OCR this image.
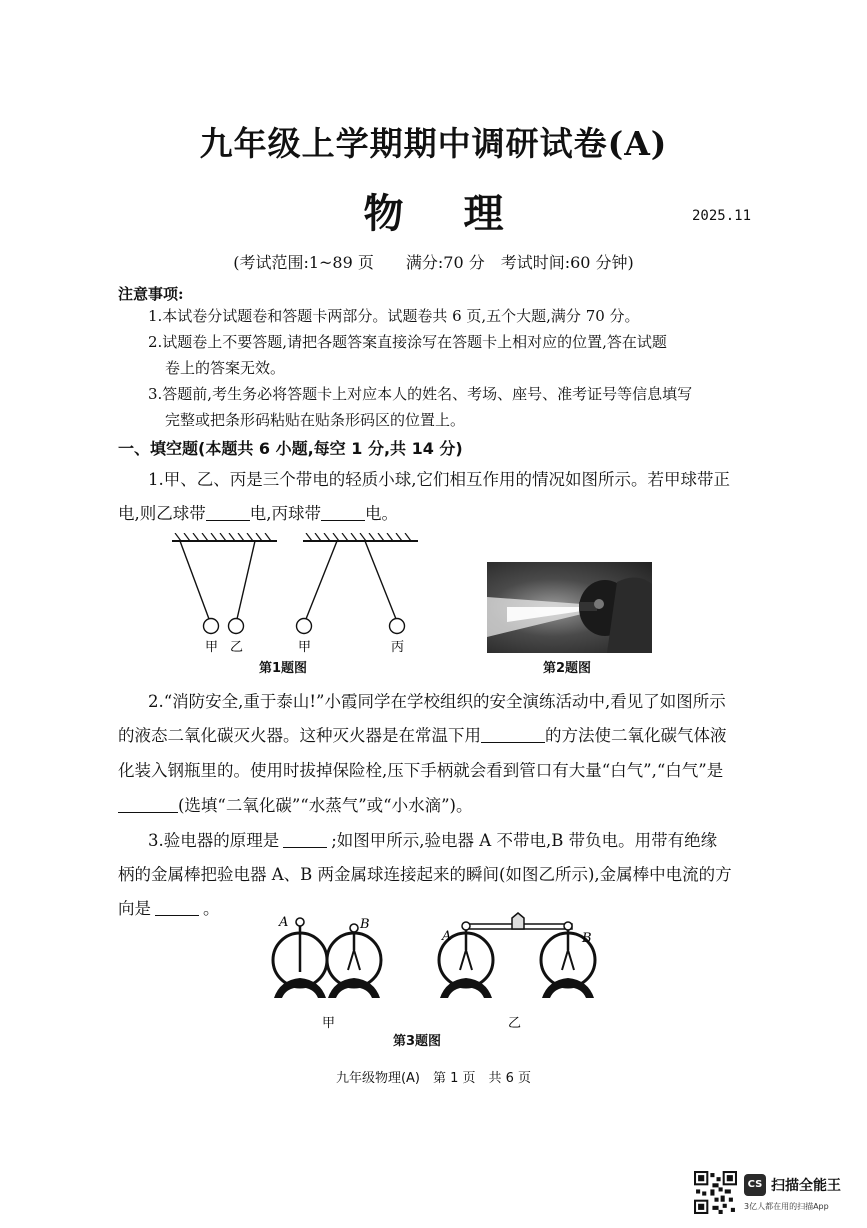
九年级上学期期中调研试卷(A)
物理	2025.11
(考试范围:1~89 页　　满分:70 分　考试时间:60 分钟)
注意事项:
1.本试卷分试题卷和答题卡两部分。试题卷共 6 页,五个大题,满分 70 分。
2.试题卷上不要答题,请把各题答案直接涂写在答题卡上相对应的位置,答在试题
卷上的答案无效。
3.答题前,考生务必将答题卡上对应本人的姓名、考场、座号、准考证号等信息填写
完整或把条形码粘贴在贴条形码区的位置上。
一、填空题(本题共 6 小题,每空 1 分,共 14 分)
1.甲、乙、丙是三个带电的轻质小球,它们相互作用的情况如图所示。若甲球带正
电,则乙球带	电,丙球带	电。
甲 乙	甲	丙
第1题图	第2题图
2.“消防安全,重于泰山!”小霞同学在学校组织的安全演练活动中,看见了如图所示
的液态二氧化碳灭火器。这种灭火器是在常温下用	的方法使二氧化碳气体液
化装入钢瓶里的。使用时拔掉保险栓,压下手柄就会看到管口有大量“白气”,“白气”是
(选填“二氧化碳”“水蒸气”或“小水滴”)。
3.验电器的原理是	;如图甲所示,验电器 A 不带电,B 带负电。用带有绝缘
柄的金属棒把验电器 A、B 两金属球连接起来的瞬间(如图乙所示),金属棒中电流的方
向是	。
A	B
A	B
甲	乙
第3题图
九年级物理(A)　第 1 页　共 6 页
CS 扫描全能王
3亿人都在用的扫描App
